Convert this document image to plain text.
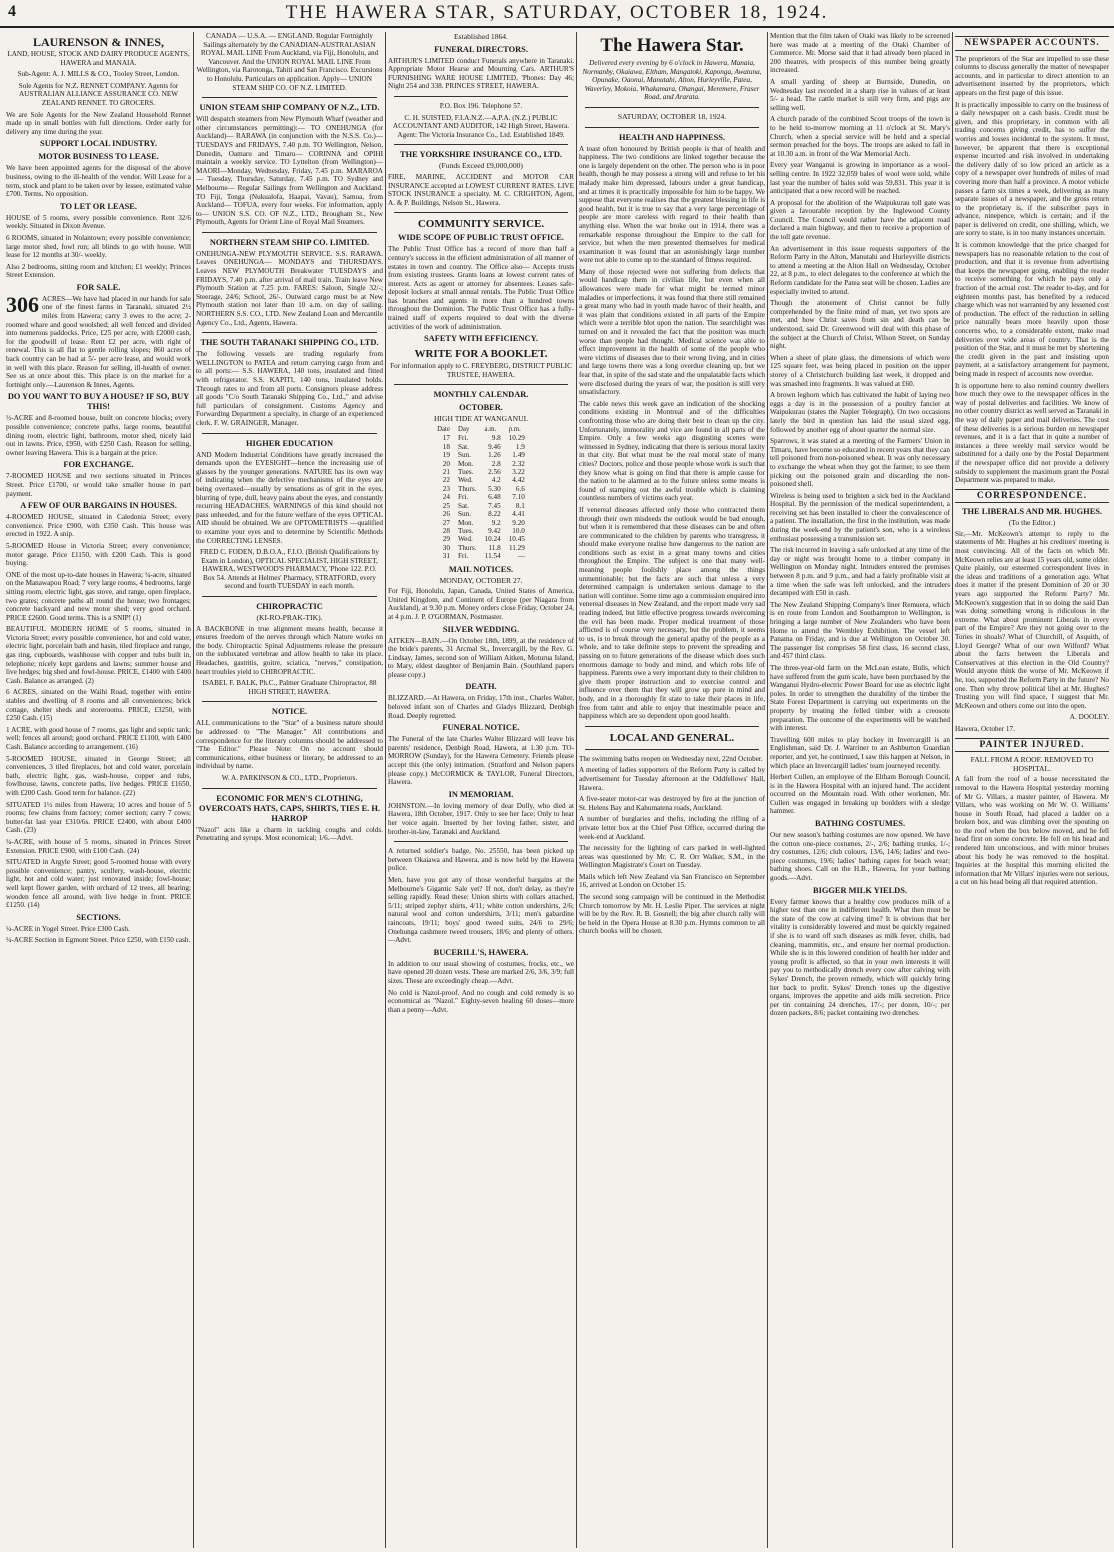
4	THE HAWERA STAR, SATURDAY, OCTOBER 18, 1924.
LAURENSON & INNES,

LAND, HOUSE, STOCK AND DAIRY PRODUCE AGENTS, HAWERA and MANAIA.

Sub-Agent: A. J. MILLS & CO., Tooley Street, London.

Sole Agents for N.Z. RENNET COMPANY. Agents for AUSTRALIAN ALLIANCE ASSURANCE CO. NEW ZEALAND RENNET. TO GROCERS.

We are Sole Agents for the New Zealand Household Rennet made up in small bottles with full directions. Order early for delivery any time during the year.

SUPPORT LOCAL INDUSTRY.
MOTOR BUSINESS TO LEASE.

We have been appointed agents for the disposal of the above business, owing to the ill-health of the vendor. Will Lease for a term, stock and plant to be taken over by lessee, estimated value £700. Terms. No opposition.

TO LET OR LEASE.

HOUSE of 5 rooms, every possible convenience. Rent 32/6 weekly. Situated in Dixon Avenue.

6 ROOMS, situated in Nolantown; every possible convenience; large motor shed, fowl run; all blinds to go with house. Will lease for 12 months at 30/- weekly.

Also 2 bedrooms, sitting room and kitchen; £1 weekly; Princes Street Extension.

FOR SALE.

306 ACRES—We have had placed in our hands for sale one of the finest farms in Taranaki, situated 2½ miles from Hawera; carry 3 ewes to the acre; 2-roomed whare and good woolshed; all well fenced and divided into numerous paddocks. Price, £25 per acre, with £2000 cash, for the goodwill of lease. Rent £2 per acre, with right of renewal. This is all flat to gentle rolling slopes; 860 acres of back country can be had at 5/- per acre lease, and would work in well with this place. Reason for selling, ill-health of owner. See us at once about this. This place is on the market for a fortnight only.—Laurenson & Innes, Agents.

DO YOU WANT TO BUY A HOUSE? IF SO, BUY THIS!

½-ACRE and 8-roomed house, built on concrete blocks; every possible convenience; concrete paths, large rooms, beautiful dining room, electric light, bathroom, motor shed, nicely laid out in lawns. Price, £950, with £250 Cash. Reason for selling, owner leaving Hawera. This is a bargain at the price.

FOR EXCHANGE.

7-ROOMED HOUSE and two sections situated in Princes Street. Price £1700, or would take smaller house in part payment.

A FEW OF OUR BARGAINS IN HOUSES.

4-ROOMED HOUSE, situated in Caledonia Street; every convenience. Price £900, with £350 Cash. This house was erected in 1922. A snip.

5-ROOMED House in Victoria Street; every convenience; motor garage. Price £1150, with £200 Cash. This is good buying.

ONE of the most up-to-date houses in Hawera; ¼-acre, situated on the Manawapou Road; 7 very large rooms, 4 bedrooms, large sitting room, electric light, gas stove, and range, open fireplace, two grates; concrete paths all round the house; two frontages; concrete backyard and new motor shed; very good orchard. PRICE £2600. Good terms. This is a SNIP! (1)

BEAUTIFUL MODERN HOME of 5 rooms, situated in Victoria Street; every possible convenience, hot and cold water, electric light, porcelain bath and basin, tiled fireplace and range, gas ring, cupboards, washhouse with copper and tubs built in, telephone; nicely kept gardens and lawns; summer house and live hedges; big shed and fowl-house. PRICE, £1400 with £400 Cash. Balance as arranged. (2)

6 ACRES, situated on the Waihi Road, together with entire stables and dwelling of 8 rooms and all conveniences; brick cottage, shelter sheds and storerooms. PRICE, £3250, with £250 Cash. (15)

1 ACRE, with good house of 7 rooms, gas light and septic tank; well; fences all around; good orchard. PRICE £1100, with £400 Cash. Balance according to arrangement. (16)

5-ROOMED HOUSE, situated in George Street; all conveniences, 3 tiled fireplaces, hot and cold water, porcelain bath, electric light, gas, wash-house, copper and tubs, fowlhouse, lawns, concrete paths, live hedges. PRICE £1650, with £200 Cash. Good term for balance. (22)

SITUATED 1½ miles from Hawera; 10 acres and house of 5 rooms; few chains from factory; corner section; carry 7 cows; butter-fat last year £310/6s. PRICE £2400, with about £400 Cash. (23)

¼-ACRE, with house of 5 rooms, situated in Princes Street Extension. PRICE £900, with £100 Cash. (24)

SITUATED in Argyle Street; good 5-roomed house with every possible convenience; pantry, scullery, wash-house, electric light, hot and cold water; just renovated inside; fowl-house; well kept flower garden, with orchard of 12 trees, all bearing; wooden fence all around, with live hedge in front. PRICE £1250. (14)

SECTIONS.

¼-ACRE in Yogel Street. Price £300 Cash.

¼-ACRE Section in Egmont Street. Price £250, with £150 cash.

CANADA — U.S.A. — ENGLAND. Regular Fortnightly Sailings alternately by the CANADIAN-AUSTRALASIAN ROYAL MAIL LINE From Auckland, via Fiji, Honolulu, and Vancouver. And the UNION ROYAL MAIL LINE From Wellington, via Rarotonga, Tahiti and San Francisco. Excursions to Honolulu. Particulars on application. Apply— UNION STEAM SHIP CO. OF N.Z. LIMITED.

UNION STEAM SHIP COMPANY OF N.Z., LTD.

Will despatch steamers from New Plymouth Wharf (weather and other circumstances permitting):— TO ONEHUNGA (for Auckland)— RARAWA (in conjunction with the N.S.S. Co.)— TUESDAYS and FRIDAYS, 7.40 p.m. TO Wellington, Nelson, Dunedin, Oamaru and Timaru— CORINNA and OPIHI maintain a weekly service. TO Lyttelton (from Wellington)— MAORI—Monday, Wednesday, Friday, 7.45 p.m. MARAROA — Tuesday, Thursday, Saturday, 7.45 p.m. TO Sydney and Melbourne— Regular Sailings from Wellington and Auckland. TO Fiji, Tonga (Nukualofa, Haapai, Vavau), Samoa, from Auckland— TOFUA, every four weeks. For information, apply to— UNION S.S. CO. OF N.Z., LTD., Brougham St., New Plymouth, Agents for Orient Line of Royal Mail Steamers.

NORTHERN STEAM SHIP CO. LIMITED.

ONEHUNGA-NEW PLYMOUTH SERVICE. S.S. RARAWA. Leaves ONEHUNGA— MONDAYS and THURSDAYS. Leaves NEW PLYMOUTH Breakwater TUESDAYS and FRIDAYS, 7.40 p.m. after arrival of mail train. Train leave New Plymouth Station at 7.25 p.m. FARES: Saloon, Single 32/-; Steerage, 24/6; School, 26/-. Outward cargo must be at New Plymouth station not later than 10 a.m. on day of sailing. NORTHERN S.S. CO., LTD. New Zealand Loan and Mercantile Agency Co., Ltd., Agents, Hawera.

THE SOUTH TARANAKI SHIPPING CO., LTD.

The following vessels are trading regularly from WELLINGTON to PATEA and return carrying cargo from and to all ports:— S.S. HAWERA, 140 tons, insulated and fitted with refrigerator. S.S. KAPITI, 140 tons, insulated holds. Through rates to and from all ports. Consignors please address all goods "C/o South Taranaki Shipping Co., Ltd.," and advise full particulars of consignment. Customs Agency and Forwarding Department a specialty, in charge of an experienced clerk. F. W. GRAINGER, Manager.

HIGHER EDUCATION

AND Modern Industrial Conditions have greatly increased the demands upon the EYESIGHT—hence the increasing use of glasses by the younger generations. NATURE has its own way of indicating when the defective mechanisms of the eyes are being overtaxed—usually by sensations as of grit in the eyes, blurring of type, dull, heavy pains about the eyes, and constantly recurring HEADACHES. WARNINGS of this kind should not pass unheeded, and for the future welfare of the eyes OPTICAL AID should be obtained. We are OPTOMETRISTS —qualified to examine your eyes and to determine by Scientific Methods the CORRECTING LENSES.

FRED C. FODEN, D.B.O.A., F.I.O. (British Qualifications by Exam in London), OPTICAL SPECIALIST, HIGH STREET, HAWERA, WESTWOOD'S PHARMACY, 'Phone 122. P.O. Box 54. Attends at Helmes' Pharmacy, STRATFORD, every second and fourth TUESDAY in each month.

CHIROPRACTIC
(KI-RO-PRAK-TIK).

A BACKBONE in true alignment means health, because it ensures freedom of the nerves through which Nature works on the body. Chiropractic Spinal Adjustments release the pressure on the subluxated vertebrae and allow health to take its place. Headaches, gastritis, goitre, sciatica, "nerves," constipation, heart troubles yield to CHIROPRACTIC.

ISABEL F. BALK, Ph.C., Palmer Graduate Chiropractor, 88 HIGH STREET, HAWERA.

NOTICE.

ALL communications to the "Star" of a business nature should be addressed to "The Manager." All contributions and correspondence for the literary columns should be addressed to "The Editor." Please Note: On no account should communications, either business or literary, be addressed to an individual by name.

W. A. PARKINSON & CO., LTD., Proprietors.

ECONOMIC FOR MEN'S CLOTHING, OVERCOATS HATS, CAPS, SHIRTS, TIES E. H. HARROP

"Nazol" acts like a charm in tackling coughs and colds. Penetrating and syrups. Most economical; 1/6.—Advt.

Established 1864.
FUNERAL DIRECTORS.

ARTHUR'S LIMITED conduct Funerals anywhere in Taranaki. Appropriate Motor Hearse and Mourning Cars. ARTHUR'S FURNISHING WARE HOUSE LIMITED, 'Phones: Day 46; Night 254 and 338. PRINCES STREET, HAWERA.

P.O. Box 196. Telephone 57.

C. H. SUISTED, F.I.A.N.Z.—A.P.A. (N.Z.) PUBLIC ACCOUNTANT AND AUDITOR, 142 High Street, Hawera. Agent: The Victoria Insurance Co., Ltd. Established 1849.

THE YORKSHIRE INSURANCE CO., LTD.
(Funds Exceed £9,000,000)

FIRE, MARINE, ACCIDENT and MOTOR CAR INSURANCE accepted at LOWEST CURRENT RATES. LIVE STOCK INSURANCE a specialty. M. C. CRIGHTON, Agent, A. & P. Buildings, Nelson St., Hawera.

COMMUNITY SERVICE.
WIDE SCOPE OF PUBLIC TRUST OFFICE.

The Public Trust Office has a record of more than half a century's success in the efficient administration of all manner of estates in town and country. The Office also— Accepts trusts from existing trustees. Grants loans at lowest current rates of interest. Acts as agent or attorney for absentees. Leases safe-deposit lockers at small annual rentals. The Public Trust Office has branches and agents in more than a hundred towns throughout the Dominion. The Public Trust Office has a fully-trained staff of experts required to deal with the diverse activities of the work of administration.

SAFETY WITH EFFICIENCY.
WRITE FOR A BOOKLET.

For information apply to C. FREYBERG, DISTRICT PUBLIC TRUSTEE, HAWERA.

MONTHLY CALENDAR.
OCTOBER.
HIGH TIDE AT WANGANUI.
Date	Day	a.m.	p.m.
17	Fri.	9.8	10.29
18	Sat.	9.46	1.9
19	Sun.	1.26	1.49
20	Mon.	2.8	2.32
21	Tues.	2.56	3.22
22	Wed.	4.2	4.42
23	Thurs.	5.30	6.6
24	Fri.	6.48	7.10
25	Sat.	7.45	8.1
26	Sun.	8.22	4.41
27	Mon.	9.2	9.20
28	Tues.	9.42	10.0
29	Wed.	10.24	10.45
30	Thurs.	11.8	11.29
31	Fri.	11.54	—
MAIL NOTICES.
MONDAY, OCTOBER 27.

For Fiji, Honolulu, Japan, Canada, United States of America, United Kingdom, and Continent of Europe (per Niagara from Auckland), at 9.30 p.m. Money orders close Friday, October 24, at 4 p.m. J. P. O'GORMAN, Postmaster.

SILVER WEDDING.

AITKEN—BAIN.—On October 18th, 1899, at the residence of the bride's parents, 31 Arcmal St., Invercargill, by the Rev. G. Lindsay, James, second son of William Aitken, Moturua Island, to Mary, eldest daughter of Benjamin Bain. (Southland papers please copy.)

DEATH.

BLIZZARD.—At Hawera, on Friday, 17th inst., Charles Walter, beloved infant son of Charles and Gladys Blizzard, Denbigh Road. Deeply regretted.

FUNERAL NOTICE.

The Funeral of the late Charles Walter Blizzard will leave his parents' residence, Denbigh Road, Hawera, at 1.30 p.m. TO-MORROW (Sunday), for the Hawera Cemetery. Friends please accept this (the only) intimation. (Stratford and Nelson papers please copy.) McCORMICK & TAYLOR, Funeral Directors, Hawera.

IN MEMORIAM.

JOHNSTON.—In loving memory of dear Dolly, who died at Hawera, 18th October, 1917. Only to see her face; Only to hear her voice again. Inserted by her loving father, sister, and brother-in-law, Taranaki and Auckland.

A returned soldier's badge, No. 25550, has been picked up between Okaiawa and Hawera, and is now held by the Hawera police.

Men, have you got any of those wonderful bargains at the Melbourne's Gigantic Sale yet? If not, don't delay, as they're selling rapidly. Read these: Union shirts with collars attached, 5/11; striped zephyr shirts, 4/11; white cotton undershirts, 2/6; natural wool and cotton undershirts, 3/11; men's gabardine raincoats, 19/11; boys' good tweed suits, 24/6 to 29/6; Onehunga cashmere tweed trousers, 18/6; and plenty of others.—Advt.

BUCERILL'S, HAWERA.

In addition to our usual showing of costumes, frocks, etc., we have opened 20 dozen vests. These are marked 2/6, 3/6, 3/9; full sizes. These are exceedingly cheap.—Advt.

No cold is Nazol-proof. And no cough and cold remedy is so economical as "Nazol." Eighty-seven healing 60 doses—more than a penny—Advt.

The Hawera Star.

Delivered every evening by 6 o'clock in Hawera, Manaia, Normanby, Okaiawa, Eltham, Mangatoki, Kaponga, Awatuna, Opunake, Oaonui, Manutahi, Alton, Hurleyville, Patea, Waverley, Mokoia, Whakamara, Ohangai, Meremere, Fraser Road, and Ararata.

SATURDAY, OCTOBER 18, 1924.
HEALTH AND HAPPINESS.

A toast often honoured by British people is that of health and happiness. The two conditions are linked together because the one is largely dependent on the other. The person who is in poor health, though he may possess a strong will and refuse to let his malady make him depressed, labours under a great handicap, and at times it is practically impossible for him to be happy. We suppose that everyone realises that the greatest blessing in life is good health, but it is true to say that a very large percentage of people are more careless with regard to their health than anything else. When the war broke out in 1914, there was a remarkable response throughout the Empire to the call for service, but when the men presented themselves for medical examination it was found that an astonishingly large number were not able to come up to the standard of fitness required.

Many of those rejected were not suffering from defects that would handicap them in civilian life, but even when all allowances were made for what might be termed minor maladies or imperfections, it was found that there still remained a great many who had in youth made havoc of their health, and it was plain that conditions existed in all parts of the Empire which were a terrible blot upon the nation. The searchlight was turned on and it revealed the fact that the position was much worse than people had thought. Medical science was able to effect improvement in the health of some of the people who were victims of diseases due to their wrong living, and in cities and large towns there was a long overdue cleaning up, but we fear that, in spite of the sad state and the unpalatable facts which were disclosed during the years of war, the position is still very unsatisfactory.

The cable news this week gave an indication of the shocking conditions existing in Montreal and of the difficulties confronting those who are doing their best to clean up the city. Unfortunately, immorality and vice are found in all parts of the Empire. Only a few weeks ago disgusting scenes were witnessed in Sydney, indicating that there is serious moral laxity in that city. But what must be the real moral state of many cities? Doctors, police and those people whose work is such that they know what is going on find that there is ample cause for the nation to be alarmed as to the future unless some means is found of stamping out the awful trouble which is claiming countless numbers of victims each year.

If venereal diseases affected only those who contracted them through their own misdeeds the outlook would be bad enough, but when it is remembered that these diseases can be and often are communicated to the children by parents who transgress, it should make everyone realise how dangerous to the nation are conditions such as exist in a great many towns and cities throughout the Empire. The subject is one that many well-meaning people foolishly place among the things unmentionable; but the facts are such that unless a very determined campaign is undertaken serious damage to the nation will continue. Some time ago a commission enquired into venereal diseases in New Zealand, and the report made very sad reading indeed, but little effective progress towards overcoming the evil has been made. Proper medical treatment of those afflicted is of course very necessary, but the problem, it seems to us, is to break through the general apathy of the people as a whole, and to take definite steps to prevent the spreading and passing on to future generations of the disease which does such enormous damage to body and mind, and which robs life of happiness. Parents owe a very important duty to their children to give them proper instruction and to exercise control and influence over them that they will grow up pure in mind and body, and in a thoroughly fit state to take their places in life, free from taint and able to enjoy that inestimable peace and happiness which are so dependent upon good health.

LOCAL AND GENERAL.

The swimming baths reopen on Wednesday next, 22nd October.

A meeting of ladies supporters of the Reform Party is called by advertisement for Tuesday afternoon at the Oddfellows' Hall, Hawera.

A five-seater motor-car was destroyed by fire at the junction of St. Helens Bay and Kahumatena roads, Auckland.

A number of burglaries and thefts, including the rifling of a private letter box at the Chief Post Office, occurred during the week-end at Auckland.

The necessity for the lighting of cars parked in well-lighted areas was questioned by Mr. C. R. Orr Walker, S.M., in the Wellington Magistrate's Court on Tuesday.

Mails which left New Zealand via San Francisco on September 16, arrived at London on October 15.

The second song campaign will be continued in the Methodist Church tomorrow by Mr. H. Leslie Piper. The services at night will be by the Rev. R. B. Gosnell; the big after church rally will be held in the Opera House at 8.30 p.m. Hymns common to all church books will be chosen.

Mention that the film taken of Otaki was likely to be screened here was made at a meeting of the Otaki Chamber of Commerce. Mr. Morse said that it had already been placed in 200 theatres, with prospects of this number being greatly increased.

A small yarding of sheep at Burnside, Dunedin, on Wednesday last recorded in a sharp rise in values of at least 5/- a head. The cattle market is still very firm, and pigs are selling well.

A church parade of the combined Scout troops of the town is to be held to-morrow morning at 11 o'clock at St. Mary's Church, when a special service will be held and a special sermon preached for the boys. The troops are asked to fall in at 10.30 a.m. in front of the War Memorial Arch.

Every year Wanganui is growing in importance as a wool-selling centre. In 1922 32,059 bales of wool were sold, while last year the number of bales sold was 59,831. This year it is anticipated that a new record will be reached.

A proposal for the abolition of the Waipukurau toll gate was given a favourable reception by the Inglewood County Council. The Council would rather have the adjacent road declared a main highway, and then to receive a proportion of the toll gate revenue.

An advertisement in this issue requests supporters of the Reform Party in the Alton, Manutahi and Hurleyville districts to attend a meeting at the Alton Hall on Wednesday, October 22, at 8 p.m., to elect delegates to the conference at which the Reform candidate for the Patea seat will be chosen. Ladies are especially invited to attend.

Though the atonement of Christ cannot be fully comprehended by the finite mind of man, yet two spots are met, and how Christ saves from sin and death can be understood, said Dr. Greenwood will deal with this phase of the subject at the Church of Christ, Wilson Street, on Sunday night.

When a sheet of plate glass, the dimensions of which were 125 square feet, was being placed in position on the upper storey of a Christchurch building last week, it dropped and was smashed into fragments. It was valued at £60.

A brown leghorn which has cultivated the habit of laying two eggs a day is in the possession of a poultry fancier at Waipukurau (states the Napier Telegraph). On two occasions lately the bird in question has laid the usual sized egg, followed by another egg of about quarter the normal size.

Sparrows, it was stated at a meeting of the Farmers' Union in Timaru, have become so educated in recent years that they can tell poisoned from non-poisoned wheat. It was only necessary to exchange the wheat when they got the farmer, to see them picking out the poisoned grain and discarding the non-poisoned shell.

Wireless is being used to brighten a sick bed in the Auckland Hospital. By the permission of the medical superintendent, a receiving set has been installed to cheer the convalescence of a patient. The installation, the first in the institution, was made during the week-end by the patient's son, who is a wireless enthusiast possessing a transmission set.

The risk incurred in leaving a safe unlocked at any time of the day or night was brought home to a timber company in Wellington on Monday night. Intruders entered the premises between 8 p.m. and 9 p.m., and had a fairly profitable visit at a time when the safe was left unlocked, and the intruders decamped with £50 in cash.

The New Zealand Shipping Company's liner Remuera, which is en route from London and Southampton to Wellington, is bringing a large number of New Zealanders who have been Home to attend the Wembley Exhibition. The vessel left Panama on Friday, and is due at Wellington on October 30. The passenger list comprises 58 first class, 16 second class, and 457 third class.

The three-year-old farm on the McLean estate, Bulls, which have suffered from the gum scale, have been purchased by the Wanganui Hydro-electric Power Board for use as electric light poles. In order to strengthen the durability of the timber the State Forest Department is carrying out experiments on the property by treating the felled timber with a creosote preparation. The outcome of the experiments will be watched with interest.

Travelling 600 miles to play hockey in Invercargill is an Englishman, said Dr. J. Warriner to an Ashburton Guardian reporter, and yet, he continued, I saw this happen at Nelson, in which place an Invercargill ladies' team journeyed recently.

Herbert Cullen, an employee of the Eltham Borough Council, is in the Hawera Hospital with an injured hand. The accident occurred on the Mountain road. With other workmen, Mr. Cullen was engaged in breaking up boulders with a sledge hammer.

BATHING COSTUMES.

Our new season's bathing costumes are now opened. We have the cotton one-piece costumes, 2/-, 2/6; bathing trunks, 1/-; dry costumes, 12/6; club colours, 13/6, 14/6; ladies' and two-piece costumes, 19/6; ladies' bathing capes for beach wear; bathing shoes. Call on the H.B., Hawera, for your bathing goods.—Advt.

BIGGER MILK YIELDS.

Every farmer knows that a healthy cow produces milk of a higher test than one in indifferent health. What then must be the state of the cow at calving time? It is obvious that her vitality is considerably lowered and must be quickly regained if she is to ward off such diseases as milk fever, chills, bad cleaning, mammitis, etc., and ensure her normal production. While she is in this lowered condition of health her udder and young profit is affected, so that in your own interests it will pay you to methodically drench every cow after calving with Sykes' Drench, the proven remedy, which will quickly bring her back to profit. Sykes' Drench tones up the digestive organs, improves the appetite and aids milk secretion. Price per tin containing 24 drenches, 17/-; per dozen, 10/-; per dozen packets, 8/6; packet containing two drenches.

NEWSPAPER ACCOUNTS.

The proprietors of the Star are impelled to use these columns to discuss generally the matter of newspaper accounts, and in particular to direct attention to an advertisement inserted by the proprietors, which appears on the first page of this issue.

It is practically impossible to carry on the business of a daily newspaper on a cash basis. Credit must be given, and this proprietary, in common with all trading concerns giving credit, has to suffer the worries and losses incidental to the system. It must, however, be apparent that there is exceptional expense incurred and risk involved in undertaking the delivery daily of so low priced an article as a copy of a newspaper over hundreds of miles of road covering more than half a province. A motor vehicle passes a farm six times a week, delivering as many separate issues of a newspaper, and the gross return to the proprietary is, if the subscriber pays in advance, ninepence, which is certain; and if the paper is delivered on credit, one shilling, which, we are sorry to state, is in too many instances uncertain.

It is common knowledge that the price charged for newspapers has no reasonable relation to the cost of production, and that it is revenue from advertising that keeps the newspaper going, enabling the reader to receive something for which he pays only a fraction of the actual cost. The reader to-day, and for eighteen months past, has benefited by a reduced charge which was not warranted by any lessened cost of production. The effect of the reduction in selling price naturally bears more heavily upon those concerns who, to a considerable extent, make road deliveries over wide areas of country. That is the position of the Star, and it must be met by shortening the credit given in the past and insisting upon payment, at a satisfactory arrangement for payment, being made in respect of accounts now overdue.

It is opportune here to also remind country dwellers how much they owe to the newspaper offices in the way of postal deliveries and facilities. We know of no other country district as well served as Taranaki in the way of daily paper and mail deliveries. The cost of these deliveries is a serious burden on newspaper revenues, and it is a fact that in quite a number of instances a three weekly mail service would be substituted for a daily one by the Postal Department if the newspaper office did not provide a delivery subsidy to supplement the maximum grant the Postal Department was prepared to make.

CORRESPONDENCE.
THE LIBERALS AND MR. HUGHES.
(To the Editor.)

Sir,—Mr. McKeown's attempt to reply to the statements of Mr. Hughes at his creditors' meeting is most convincing. All of the facts on which Mr. McKeown relies are at least 15 years old, some older. Quite plainly, our esteemed correspondent lives in the ideas and traditions of a generation ago. What does it matter if the present Dominion of 20 or 30 years ago supported the Reform Party? Mr. McKeown's suggestion that in so doing the said Dan was doing something wrong is ridiculous in the extreme. What about prominent Liberals in every part of the Empire? Are they not going over to the Tories in shoals? What of Churchill, of Asquith, of Lloyd George? What of our own Wilford? What about the facts between the Liberals and Conservatives at this election in the Old Country? Would anyone think the worse of Mr. McKeown if he, too, supported the Reform Party in the future? No one. Then why throw political libel at Mr. Hughes? Trusting you will find space, I suggest that Mr. McKeown and others come out into the open.

A. DOOLEY.

Hawera, October 17.

PAINTER INJURED.
FALL FROM A ROOF. REMOVED TO HOSPITAL.

A fall from the roof of a house necessitated the removal to the Hawera Hospital yesterday morning of Mr G. Villars, a master painter, of Hawera. Mr Villars, who was working on Mr W. O. Williams' house in South Road, had placed a ladder on a broken box, and was climbing over the spouting on to the roof when the box below moved, and he fell head first on some concrete. He fell on his head and rendered him unconscious, and with minor bruises about his body he was removed to the hospital. Inquiries at the hospital this morning elicited the information that Mr Villars' injuries were not serious, a cut on his head being all that required attention.
